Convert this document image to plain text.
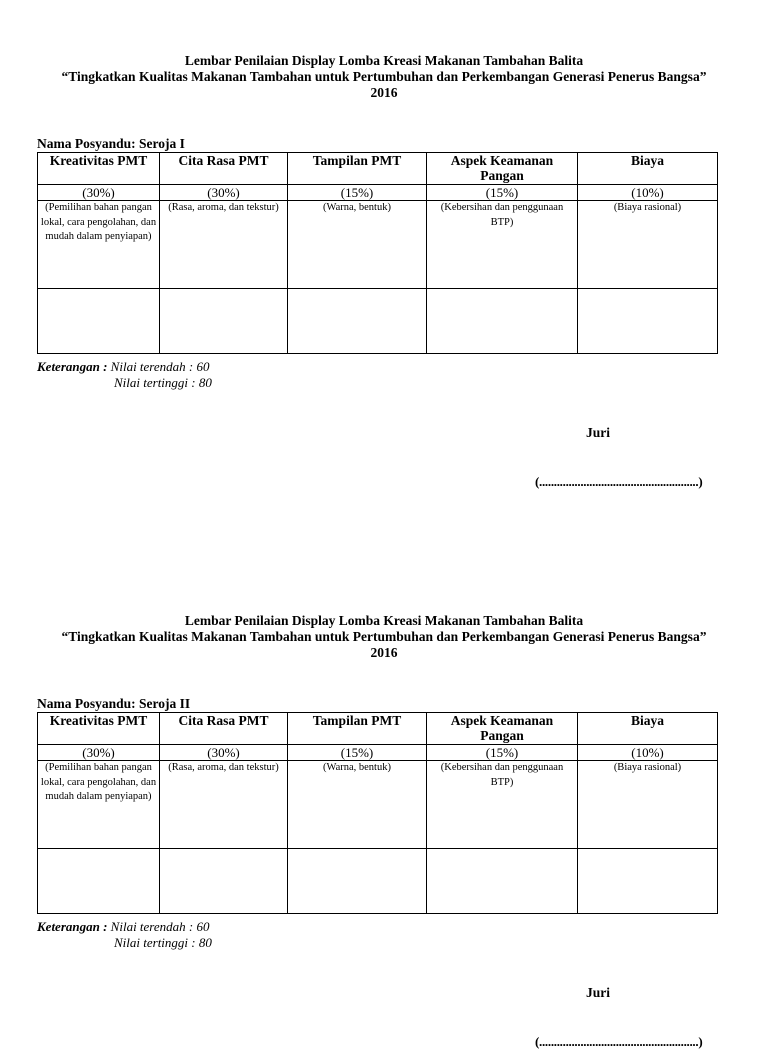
Lembar Penilaian Display Lomba Kreasi Makanan Tambahan Balita

“Tingkatkan Kualitas Makanan Tambahan untuk Pertumbuhan dan Perkembangan Generasi Penerus Bangsa”

2016

Nama Posyandu: Seroja I
Kreativitas PMT	Cita Rasa PMT	Tampilan PMT	Aspek Keamanan Pangan	Biaya
(30%)	(30%)	(15%)	(15%)	(10%)
(Pemilihan bahan pangan lokal, cara pengolahan, dan mudah dalam penyiapan)	(Rasa, aroma, dan tekstur)	(Warna, bentuk)	(Kebersihan dan penggunaan BTP)	(Biaya rasional)

Keterangan : Nilai terendah : 60
Nilai tertinggi : 80
Juri
(......................................................)

Lembar Penilaian Display Lomba Kreasi Makanan Tambahan Balita

“Tingkatkan Kualitas Makanan Tambahan untuk Pertumbuhan dan Perkembangan Generasi Penerus Bangsa”

2016

Nama Posyandu: Seroja II
Kreativitas PMT	Cita Rasa PMT	Tampilan PMT	Aspek Keamanan Pangan	Biaya
(30%)	(30%)	(15%)	(15%)	(10%)
(Pemilihan bahan pangan lokal, cara pengolahan, dan mudah dalam penyiapan)	(Rasa, aroma, dan tekstur)	(Warna, bentuk)	(Kebersihan dan penggunaan BTP)	(Biaya rasional)

Keterangan : Nilai terendah : 60
Nilai tertinggi : 80
Juri
(......................................................)
